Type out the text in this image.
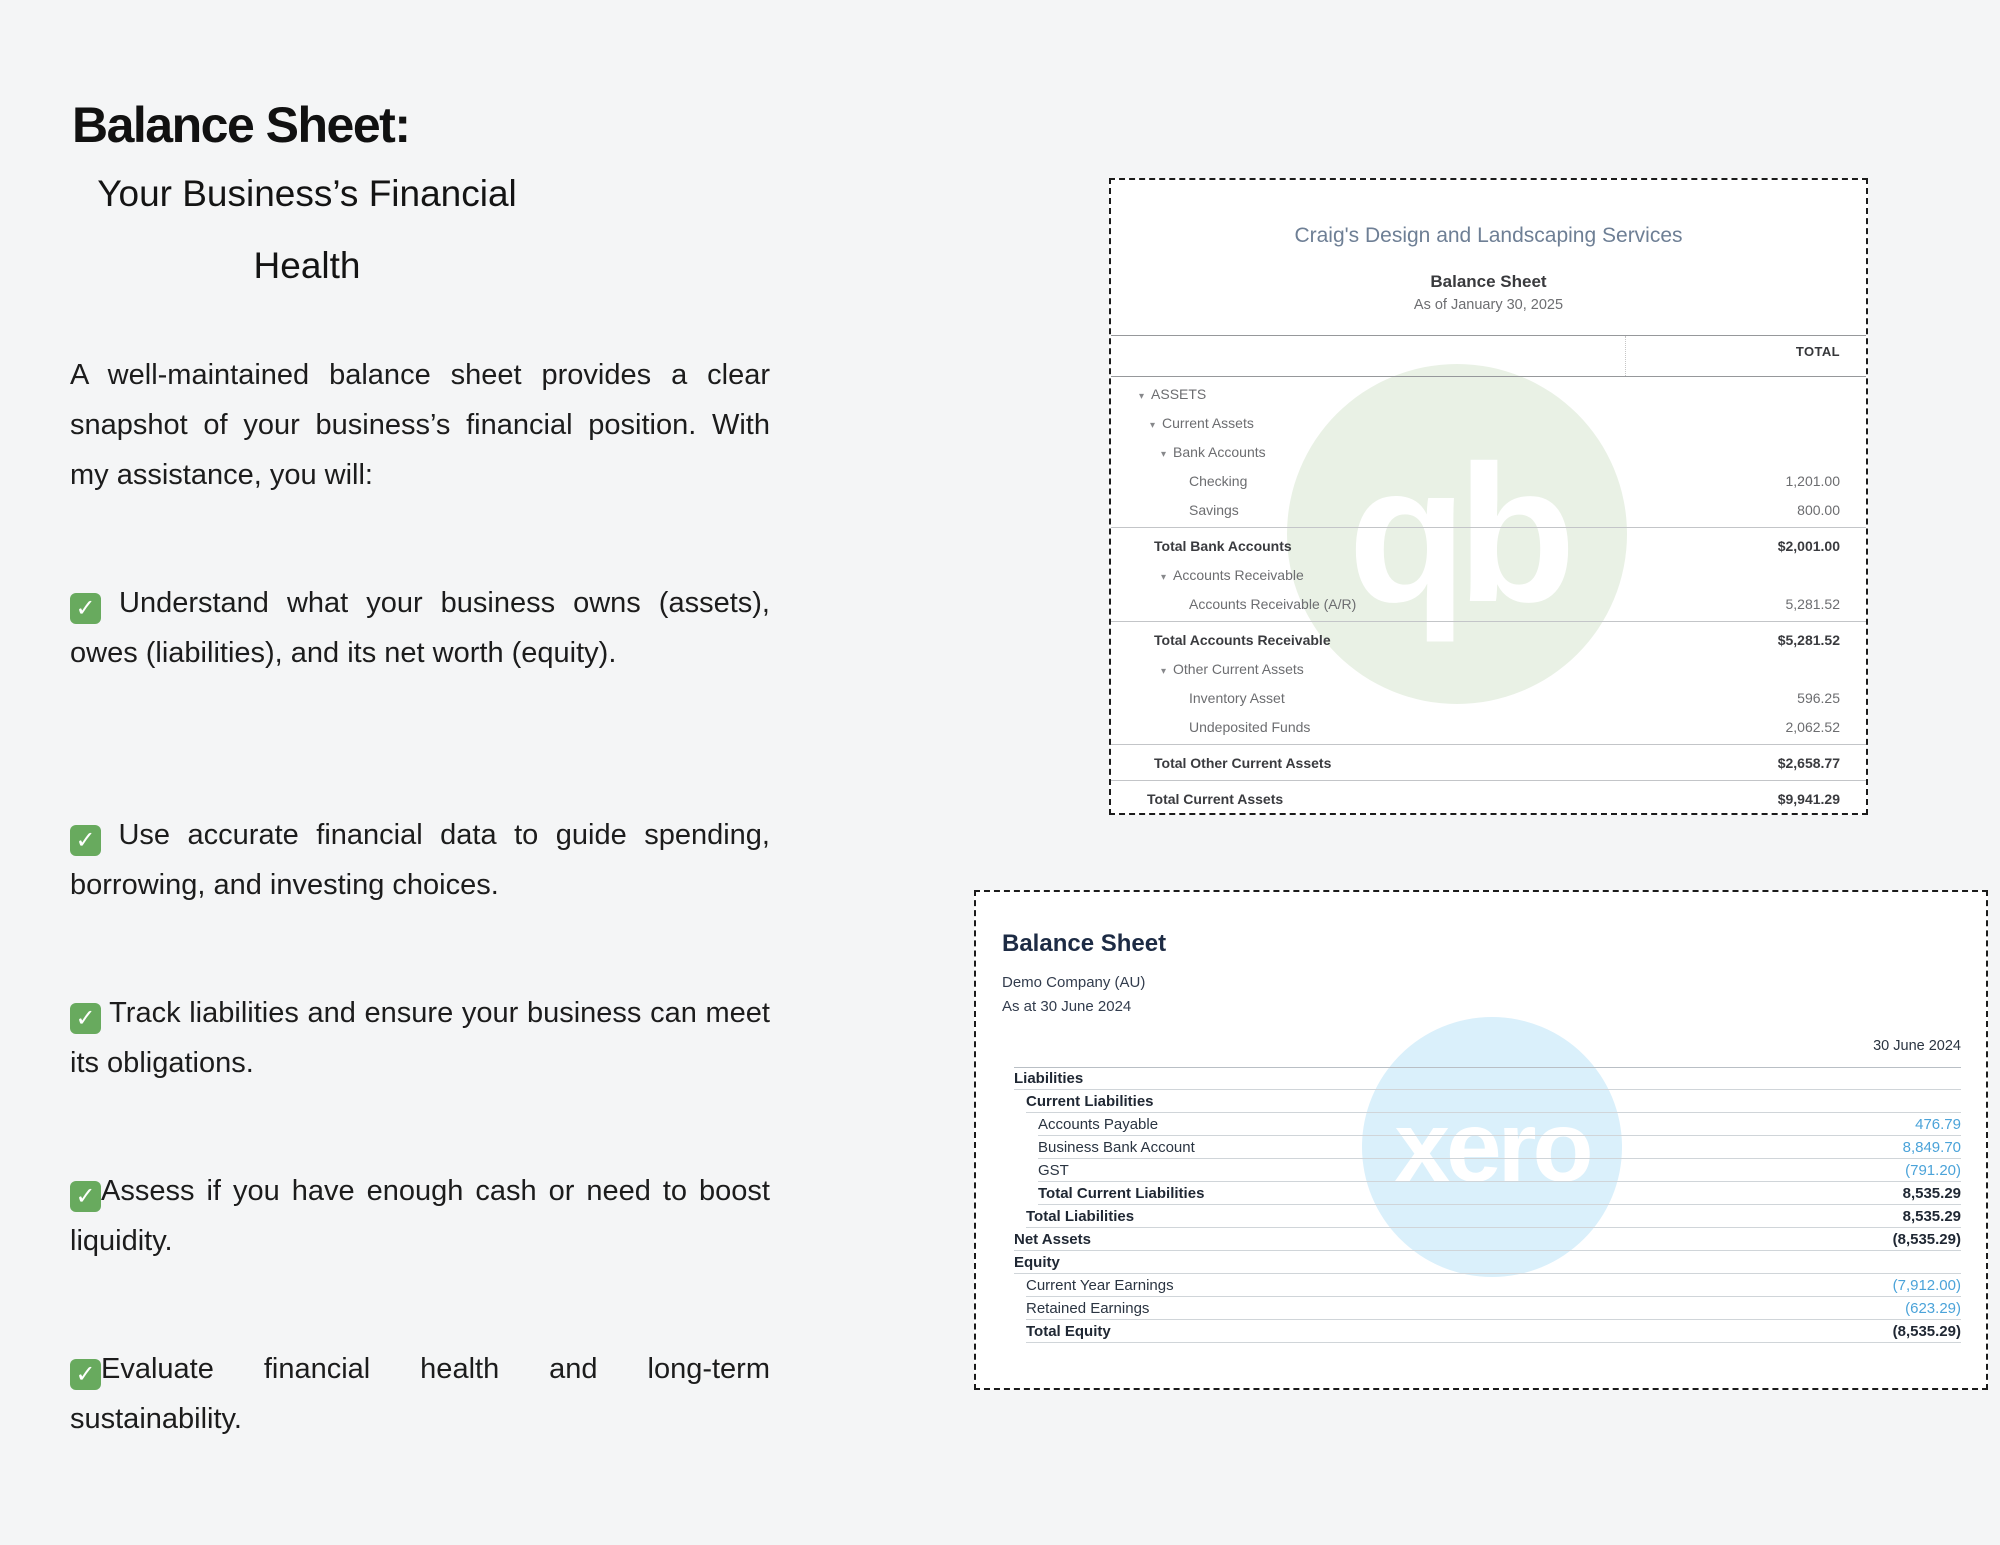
Balance Sheet:
Your Business’s Financial Health

A well-maintained balance sheet provides a clear snapshot of your business’s financial position. With my assistance, you will:

✓ Understand what your business owns (assets), owes (liabilities), and its net worth (equity).

✓ Use accurate financial data to guide spending, borrowing, and investing choices.

✓ Track liabilities and ensure your business can meet its obligations.

✓ Assess if you have enough cash or need to boost liquidity.

✓ Evaluate financial health and long-term sustainability.

qb
Craig's Design and Landscaping Services
Balance Sheet
As of January 30, 2025
TOTAL
▾ ASSETS
▾ Current Assets
▾ Bank Accounts
Checking	1,201.00
Savings	800.00
Total Bank Accounts	$2,001.00
▾ Accounts Receivable
Accounts Receivable (A/R)	5,281.52
Total Accounts Receivable	$5,281.52
▾ Other Current Assets
Inventory Asset	596.25
Undeposited Funds	2,062.52
Total Other Current Assets	$2,658.77
Total Current Assets	$9,941.29
xero
Balance Sheet
Demo Company (AU)
As at 30 June 2024
30 June 2024
Liabilities
Current Liabilities
Accounts Payable	476.79
Business Bank Account	8,849.70
GST	(791.20)
Total Current Liabilities	8,535.29
Total Liabilities	8,535.29
Net Assets	(8,535.29)
Equity
Current Year Earnings	(7,912.00)
Retained Earnings	(623.29)
Total Equity	(8,535.29)
